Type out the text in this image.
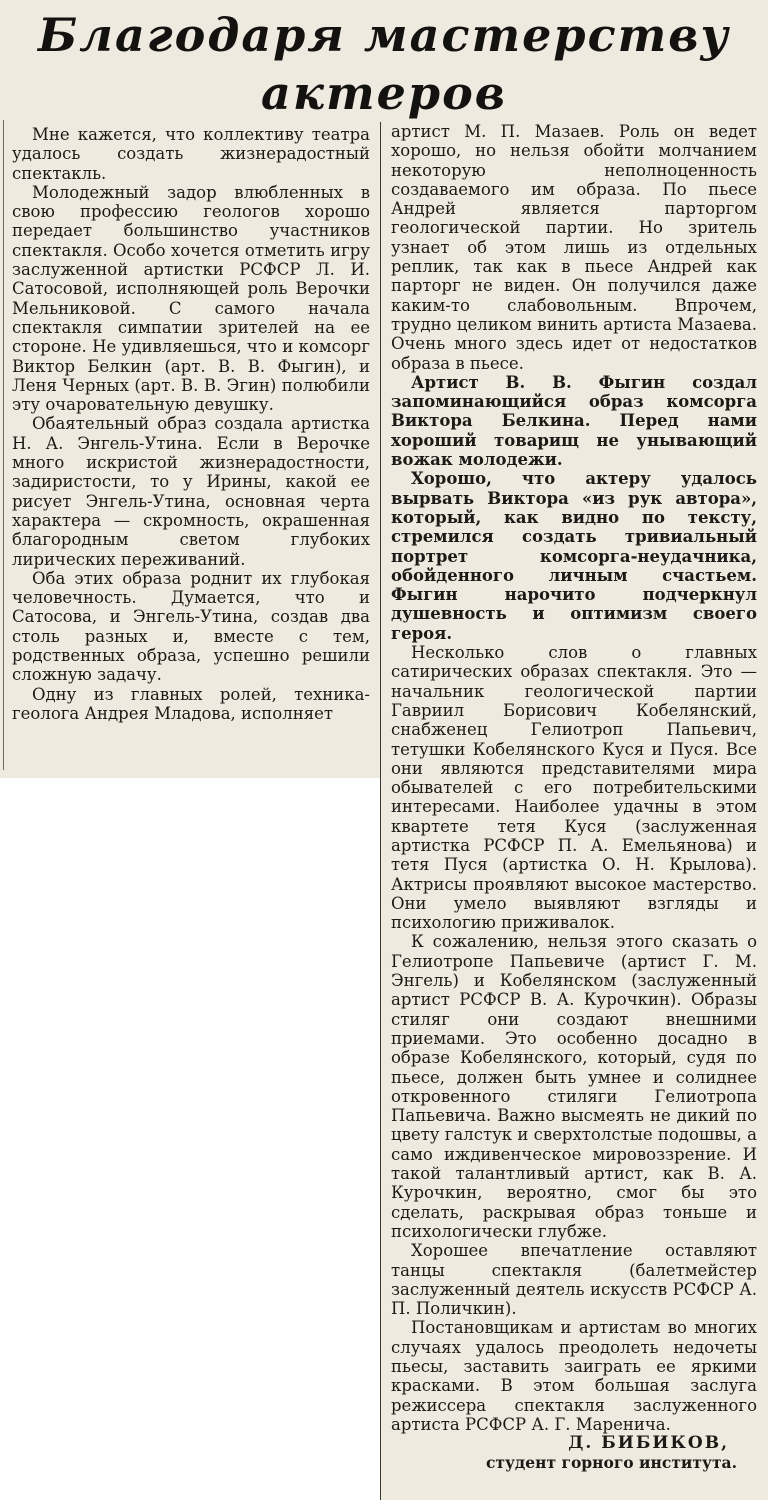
Благодаря мастерству
актеров

Мне кажется, что коллективу театра удалось создать жизнерадостный спектакль.

Молодежный задор влюбленных в свою профессию геологов хорошо передает большинство участников спектакля. Особо хочется отметить игру заслуженной артистки РСФСР Л. И. Сатосовой, исполняющей роль Верочки Мельниковой. С самого начала спектакля симпатии зрителей на ее стороне. Не удивляешься, что и комсорг Виктор Белкин (арт. В. В. Фыгин), и Леня Черных (арт. В. В. Эгин) полюбили эту очаровательную девушку.

Обаятельный образ создала артистка Н. А. Энгель-Утина. Если в Верочке много искристой жизнерадостности, задиристости, то у Ирины, какой ее рисует Энгель-Утина, основная черта характера — скромность, окрашенная благородным светом глубоких лирических переживаний.

Оба этих образа роднит их глубокая человечность. Думается, что и Сатосова, и Энгель-Утина, создав два столь разных и, вместе с тем, родственных образа, успешно решили сложную задачу.

Одну из главных ролей, техника-геолога Андрея Младова, исполняет

артист М. П. Мазаев. Роль он ведет хорошо, но нельзя обойти молчанием некоторую неполноценность создаваемого им образа. По пьесе Андрей является парторгом геологической партии. Но зритель узнает об этом лишь из отдельных реплик, так как в пьесе Андрей как парторг не виден. Он получился даже каким-то слабовольным. Впрочем, трудно целиком винить артиста Мазаева. Очень много здесь идет от недостатков образа в пьесе.

Артист В. В. Фыгин создал запоминающийся образ комсорга Виктора Белкина. Перед нами хороший товарищ не унывающий вожак молодежи.

Хорошо, что актеру удалось вырвать Виктора «из рук автора», который, как видно по тексту, стремился создать тривиальный портрет комсорга-неудачника, обойденного личным счастьем. Фыгин нарочито подчеркнул душевность и оптимизм своего героя.

Несколько слов о главных сатирических образах спектакля. Это — начальник геологической партии Гавриил Борисович Кобелянский, снабженец Гелиотроп Папьевич, тетушки Кобелянского Куся и Пуся. Все они являются представителями мира обывателей с его потребительскими интересами. Наиболее удачны в этом квартете тетя Куся (заслуженная артистка РСФСР П. А. Емельянова) и тетя Пуся (артистка О. Н. Крылова). Актрисы проявляют высокое мастерство. Они умело выявляют взгляды и психологию приживалок.

К сожалению, нельзя этого сказать о Гелиотропе Папьевиче (артист Г. М. Энгель) и Кобелянском (заслуженный артист РСФСР В. А. Курочкин). Образы стиляг они создают внешними приемами. Это особенно досадно в образе Кобелянского, который, судя по пьесе, должен быть умнее и солиднее откровенного стиляги Гелиотропа Папьевича. Важно высмеять не дикий по цвету галстук и сверхтолстые подошвы, а само иждивенческое мировоззрение. И такой талантливый артист, как В. А. Курочкин, вероятно, смог бы это сделать, раскрывая образ тоньше и психологически глубже.

Хорошее впечатление оставляют танцы спектакля (балетмейстер заслуженный деятель искусств РСФСР А. П. Поличкин).

Постановщикам и артистам во многих случаях удалось преодолеть недочеты пьесы, заставить заиграть ее яркими красками. В этом большая заслуга режиссера спектакля заслуженного артиста РСФСР А. Г. Маренича.

Д. БИБИКОВ,

студент горного института.
